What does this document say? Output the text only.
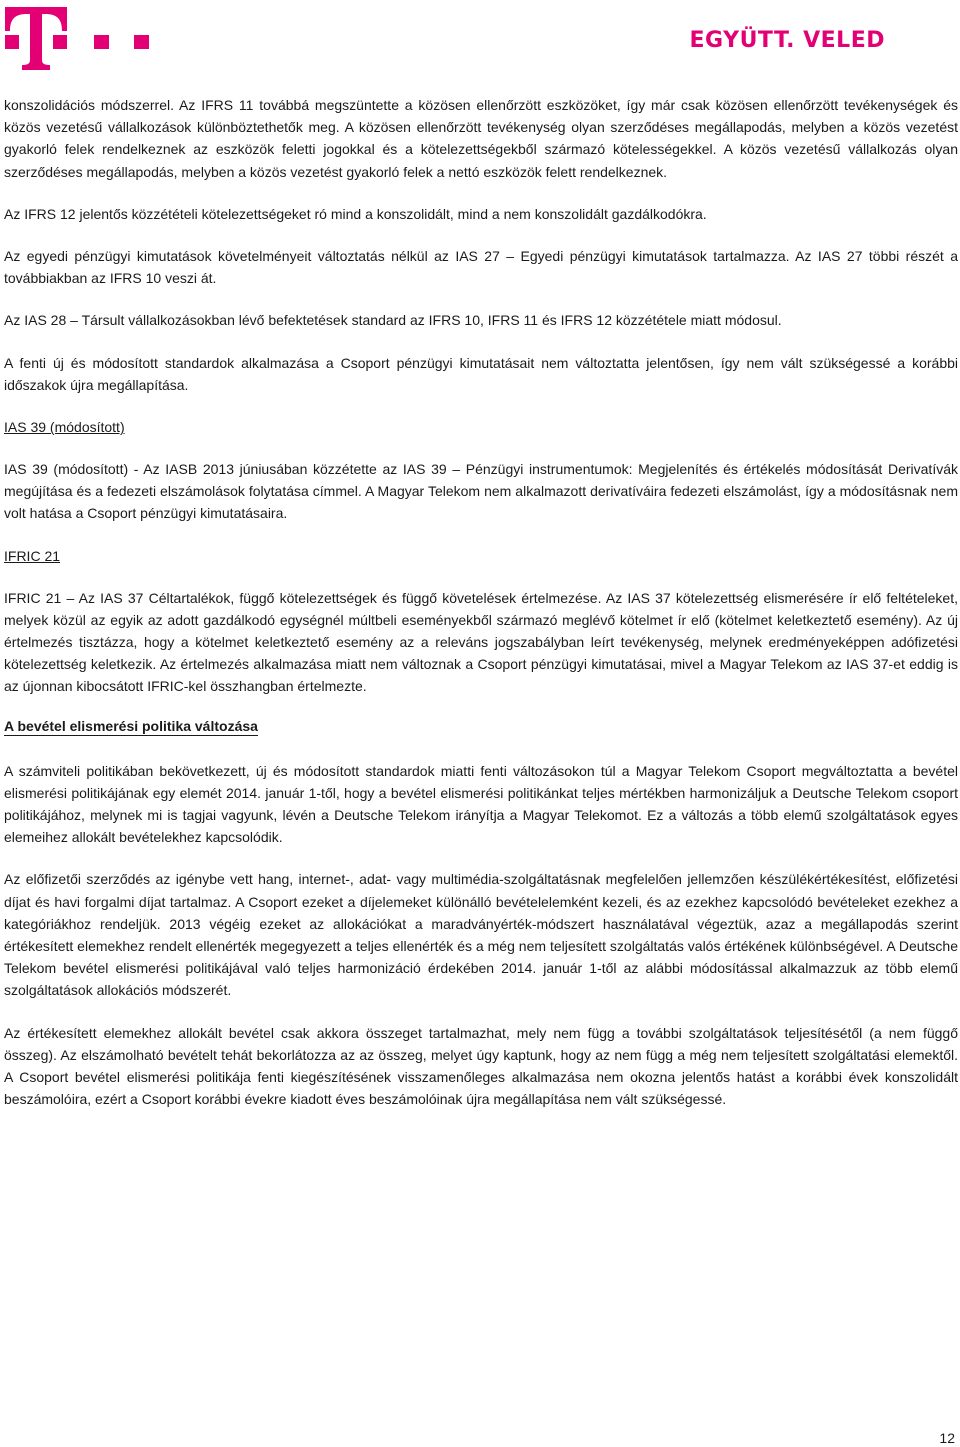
EGYÜTT. VELED

konszolidációs módszerrel. Az IFRS 11 továbbá megszüntette a közösen ellenőrzött eszközöket, így már csak közösen ellenőrzött tevékenységek és közös vezetésű vállalkozások különböztethetők meg. A közösen ellenőrzött tevékenység olyan szerződéses megállapodás, melyben a közös vezetést gyakorló felek rendelkeznek az eszközök feletti jogokkal és a kötelezettségekből származó kötelességekkel. A közös vezetésű vállalkozás olyan szerződéses megállapodás, melyben a közös vezetést gyakorló felek a nettó eszközök felett rendelkeznek.

Az IFRS 12 jelentős közzétételi kötelezettségeket ró mind a konszolidált, mind a nem konszolidált gazdálkodókra.

Az egyedi pénzügyi kimutatások követelményeit változtatás nélkül az IAS 27 – Egyedi pénzügyi kimutatások tartalmazza. Az IAS 27 többi részét a továbbiakban az IFRS 10 veszi át.

Az IAS 28 – Társult vállalkozásokban lévő befektetések standard az IFRS 10, IFRS 11 és IFRS 12 közzététele miatt módosul.

A fenti új és módosított standardok alkalmazása a Csoport pénzügyi kimutatásait nem változtatta jelentősen, így nem vált szükségessé a korábbi időszakok újra megállapítása.

IAS 39 (módosított)

IAS 39 (módosított) - Az IASB 2013 júniusában közzétette az IAS 39 – Pénzügyi instrumentumok: Megjelenítés és értékelés módosítását Derivatívák megújítása és a fedezeti elszámolások folytatása címmel. A Magyar Telekom nem alkalmazott derivatíváira fedezeti elszámolást, így a módosításnak nem volt hatása a Csoport pénzügyi kimutatásaira.

IFRIC 21

IFRIC 21 – Az IAS 37 Céltartalékok, függő kötelezettségek és függő követelések értelmezése. Az IAS 37 kötelezettség elismerésére ír elő feltételeket, melyek közül az egyik az adott gazdálkodó egységnél múltbeli eseményekből származó meglévő kötelmet ír elő (kötelmet keletkeztető esemény). Az új értelmezés tisztázza, hogy a kötelmet keletkeztető esemény az a releváns jogszabályban leírt tevékenység, melynek eredményeképpen adófizetési kötelezettség keletkezik. Az értelmezés alkalmazása miatt nem változnak a Csoport pénzügyi kimutatásai, mivel a Magyar Telekom az IAS 37-et eddig is az újonnan kibocsátott IFRIC-kel összhangban értelmezte.

A bevétel elismerési politika változása

A számviteli politikában bekövetkezett, új és módosított standardok miatti fenti változásokon túl a Magyar Telekom Csoport megváltoztatta a bevétel elismerési politikájának egy elemét 2014. január 1-től, hogy a bevétel elismerési politikánkat teljes mértékben harmonizáljuk a Deutsche Telekom csoport politikájához, melynek mi is tagjai vagyunk, lévén a Deutsche Telekom irányítja a Magyar Telekomot. Ez a változás a több elemű szolgáltatások egyes elemeihez allokált bevételekhez kapcsolódik.

Az előfizetői szerződés az igénybe vett hang, internet-, adat- vagy multimédia-szolgáltatásnak megfelelően jellemzően készülékértékesítést, előfizetési díjat és havi forgalmi díjat tartalmaz. A Csoport ezeket a díjelemeket különálló bevételelemként kezeli, és az ezekhez kapcsolódó bevételeket ezekhez a kategóriákhoz rendeljük. 2013 végéig ezeket az allokációkat a maradványérték-módszert használatával végeztük, azaz a megállapodás szerint értékesített elemekhez rendelt ellenérték megegyezett a teljes ellenérték és a még nem teljesített szolgáltatás valós értékének különbségével. A Deutsche Telekom bevétel elismerési politikájával való teljes harmonizáció érdekében 2014. január 1-től az alábbi módosítással alkalmazzuk az több elemű szolgáltatások allokációs módszerét.

Az értékesített elemekhez allokált bevétel csak akkora összeget tartalmazhat, mely nem függ a további szolgáltatások teljesítésétől (a nem függő összeg). Az elszámolható bevételt tehát bekorlátozza az az összeg, melyet úgy kaptunk, hogy az nem függ a még nem teljesített szolgáltatási elemektől. A Csoport bevétel elismerési politikája fenti kiegészítésének visszamenőleges alkalmazása nem okozna jelentős hatást a korábbi évek konszolidált beszámolóira, ezért a Csoport korábbi évekre kiadott éves beszámolóinak újra megállapítása nem vált szükségessé.

12
